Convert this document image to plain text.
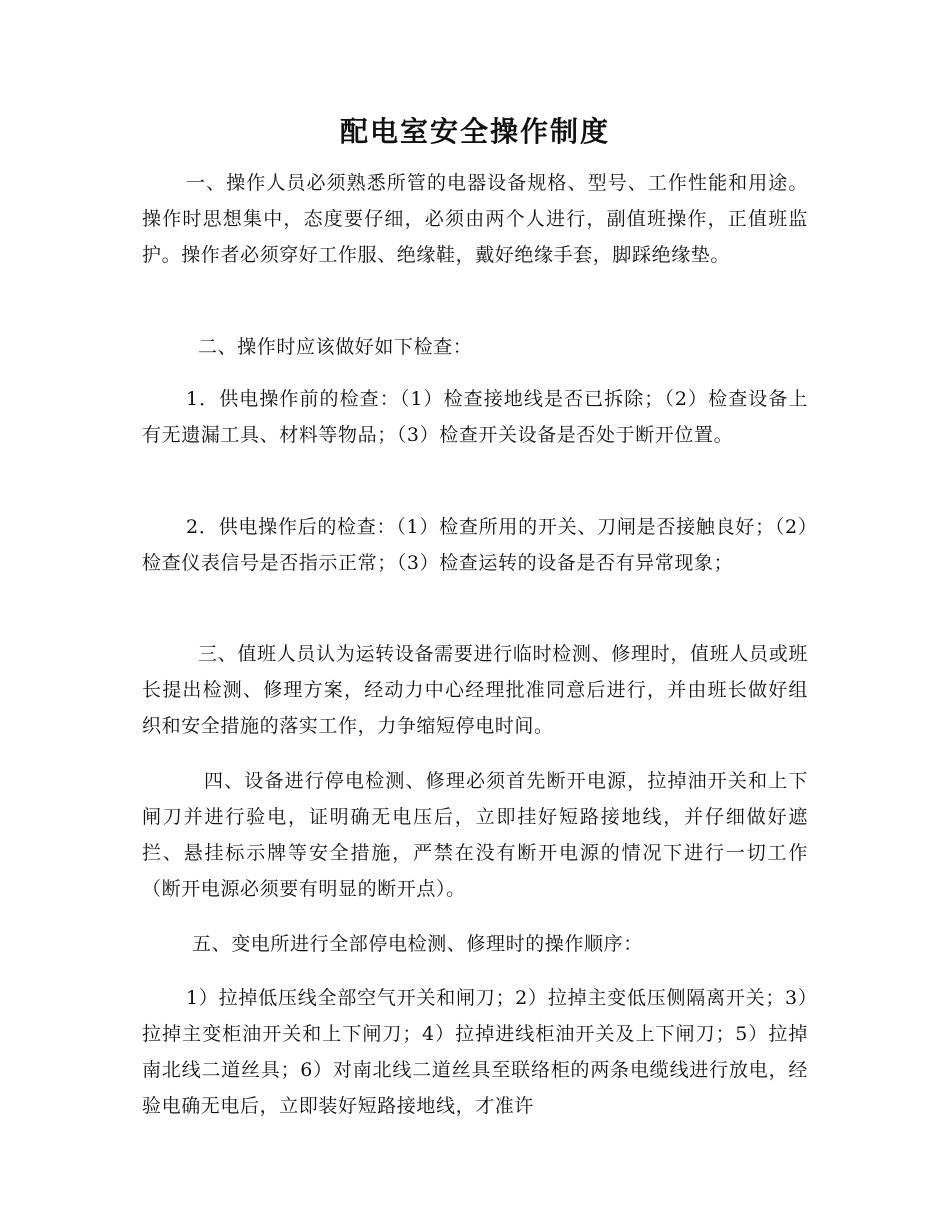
配电室安全操作制度

一、操作人员必须熟悉所管的电器设备规格、型号、工作性能和用途。操作时思想集中，态度要仔细，必须由两个人进行，副值班操作，正值班监护。操作者必须穿好工作服、绝缘鞋，戴好绝缘手套，脚踩绝缘垫。

二、操作时应该做好如下检查：

1．供电操作前的检查：（1）检查接地线是否已拆除；（2）检查设备上有无遗漏工具、材料等物品；（3）检查开关设备是否处于断开位置。

2．供电操作后的检查：（1）检查所用的开关、刀闸是否接触良好；（2）检查仪表信号是否指示正常；（3）检查运转的设备是否有异常现象；

三、值班人员认为运转设备需要进行临时检测、修理时，值班人员或班长提出检测、修理方案，经动力中心经理批准同意后进行，并由班长做好组织和安全措施的落实工作，力争缩短停电时间。

四、设备进行停电检测、修理必须首先断开电源，拉掉油开关和上下闸刀并进行验电，证明确无电压后，立即挂好短路接地线，并仔细做好遮拦、悬挂标示牌等安全措施，严禁在没有断开电源的情况下进行一切工作（断开电源必须要有明显的断开点）。

五、变电所进行全部停电检测、修理时的操作顺序：

1）拉掉低压线全部空气开关和闸刀；2）拉掉主变低压侧隔离开关；3）拉掉主变柜油开关和上下闸刀；4）拉掉进线柜油开关及上下闸刀；5）拉掉南北线二道丝具；6）对南北线二道丝具至联络柜的两条电缆线进行放电，经验电确无电后，立即装好短路接地线，才准许
